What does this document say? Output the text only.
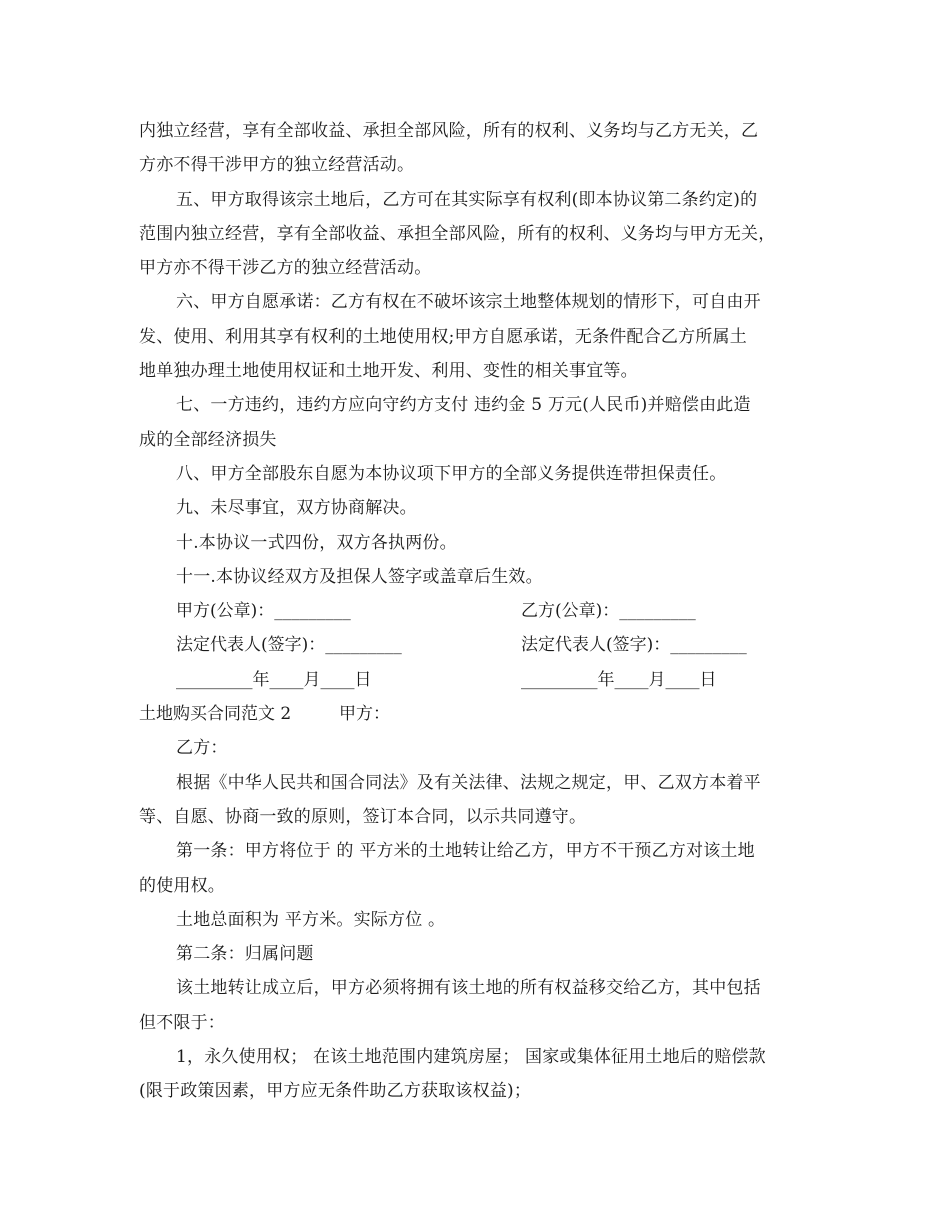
内独立经营，享有全部收益、承担全部风险，所有的权利、义务均与乙方无关，乙

方亦不得干涉甲方的独立经营活动。

五、甲方取得该宗土地后，乙方可在其实际享有权利(即本协议第二条约定)的

范围内独立经营，享有全部收益、承担全部风险，所有的权利、义务均与甲方无关，

甲方亦不得干涉乙方的独立经营活动。

六、甲方自愿承诺：乙方有权在不破坏该宗土地整体规划的情形下，可自由开

发、使用、利用其享有权利的土地使用权;甲方自愿承诺，无条件配合乙方所属土

地单独办理土地使用权证和土地开发、利用、变性的相关事宜等。

七、一方违约，违约方应向守约方支付 违约金 5 万元(人民币)并赔偿由此造

成的全部经济损失

八、甲方全部股东自愿为本协议项下甲方的全部义务提供连带担保责任。

九、未尽事宜，双方协商解决。

十.本协议一式四份，双方各执两份。

十一.本协议经双方及担保人签字或盖章后生效。

甲方(公章)：_________	乙方(公章)：_________
法定代表人(签字)：_________	法定代表人(签字)：_________
_________年____月____日	_________年____月____日
土地购买合同范文 2	甲方：

乙方：

根据《中华人民共和国合同法》及有关法律、法规之规定，甲、乙双方本着平

等、自愿、协商一致的原则，签订本合同，以示共同遵守。

第一条：甲方将位于 的 平方米的土地转让给乙方，甲方不干预乙方对该土地

的使用权。

土地总面积为 平方米。实际方位 。

第二条：归属问题

该土地转让成立后，甲方必须将拥有该土地的所有权益移交给乙方，其中包括

但不限于：

1，永久使用权； 在该土地范围内建筑房屋； 国家或集体征用土地后的赔偿款

(限于政策因素，甲方应无条件助乙方获取该权益)；
